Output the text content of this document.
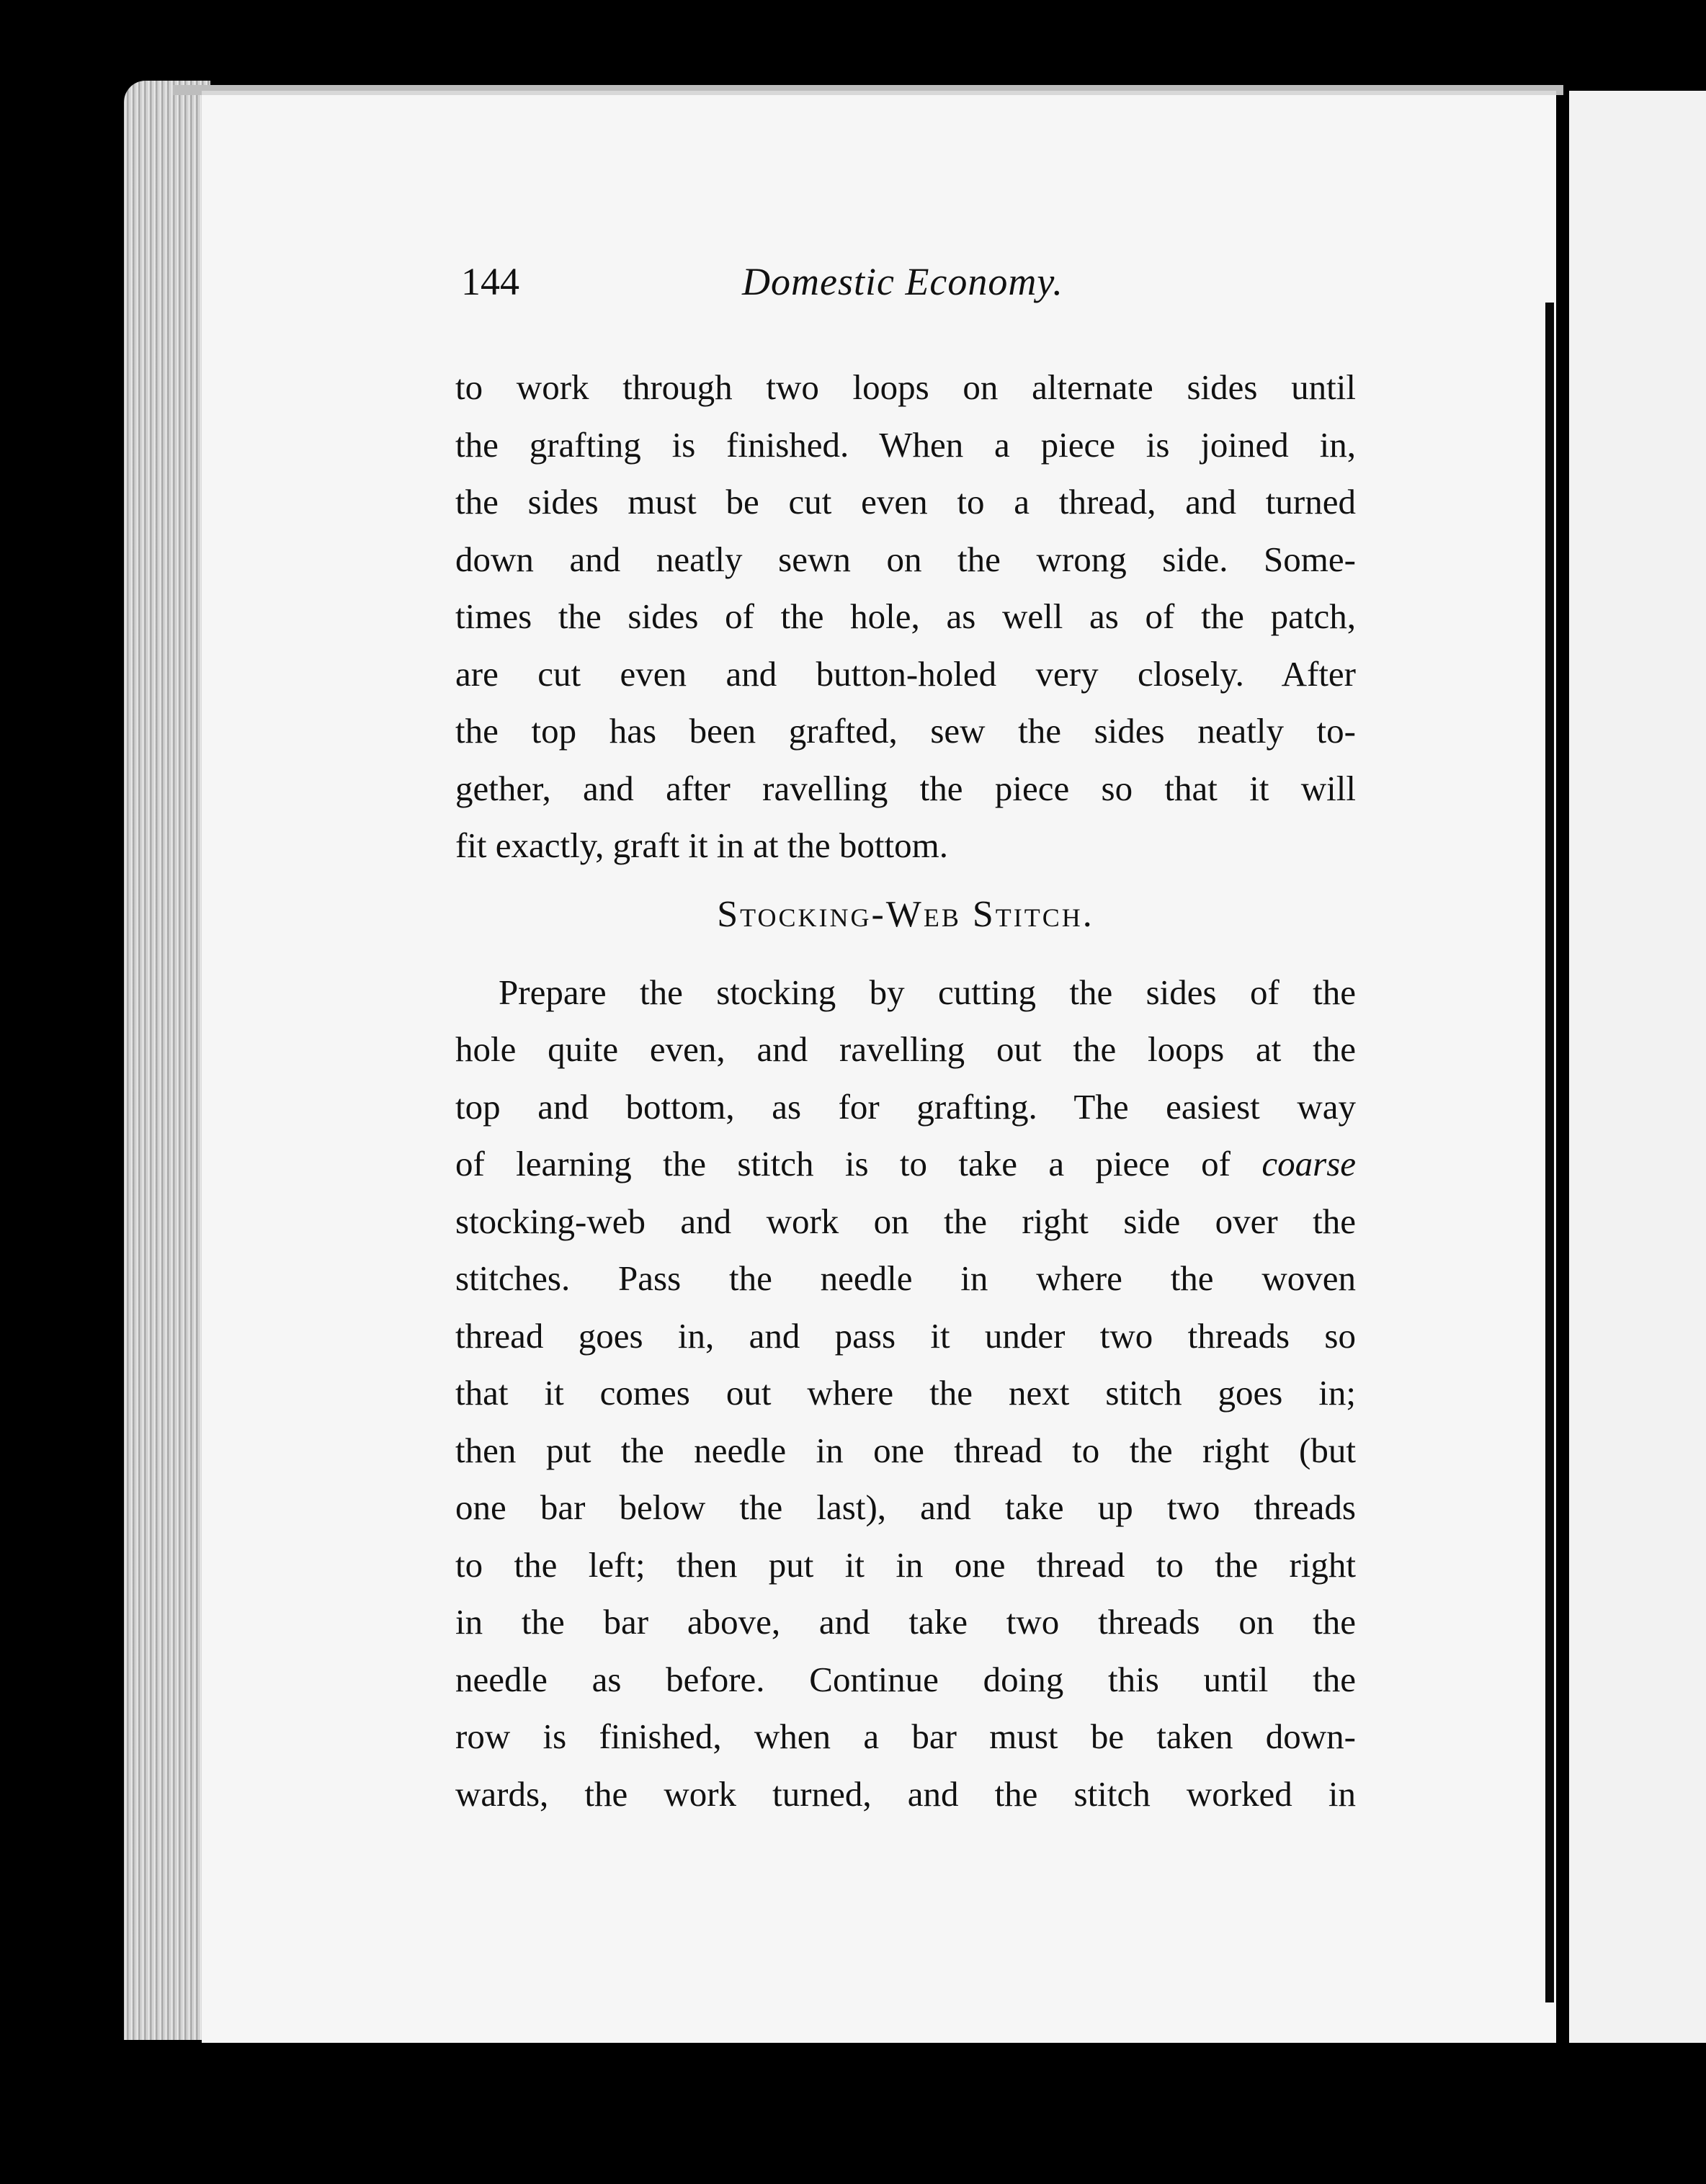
144	Domestic Economy.
to work through two loops on alternate sides until
the grafting is finished. When a piece is joined in,
the sides must be cut even to a thread, and turned
down and neatly sewn on the wrong side. Some-
times the sides of the hole, as well as of the patch,
are cut even and button-holed very closely. After
the top has been grafted, sew the sides neatly to-
gether, and after ravelling the piece so that it will
fit exactly, graft it in at the bottom.
Stocking-Web Stitch.
Prepare the stocking by cutting the sides of the
hole quite even, and ravelling out the loops at the
top and bottom, as for grafting. The easiest way
of learning the stitch is to take a piece of coarse
stocking-web and work on the right side over the
stitches. Pass the needle in where the woven
thread goes in, and pass it under two threads so
that it comes out where the next stitch goes in;
then put the needle in one thread to the right (but
one bar below the last), and take up two threads
to the left; then put it in one thread to the right
in the bar above, and take two threads on the
needle as before. Continue doing this until the
row is finished, when a bar must be taken down-
wards, the work turned, and the stitch worked in
